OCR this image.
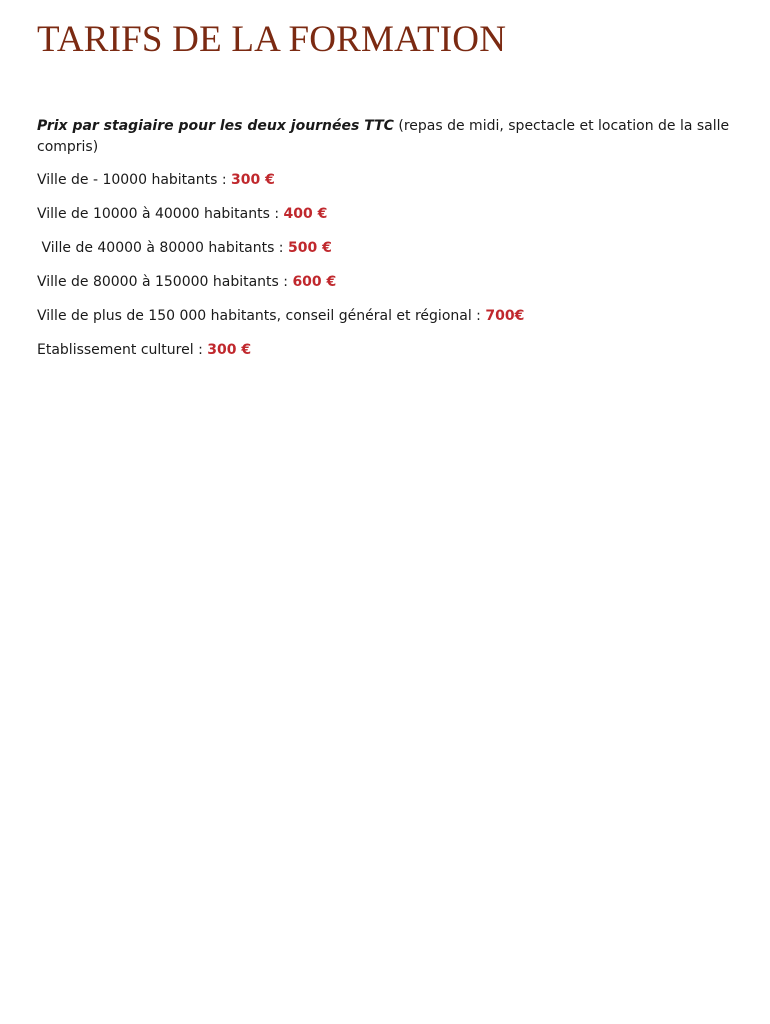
TARIFS DE LA FORMATION

Prix par stagiaire pour les deux journées TTC (repas de midi, spectacle et location de la salle compris)

Ville de - 10000 habitants : 300 €
Ville de 10000 à 40000 habitants : 400 €
Ville de 40000 à 80000 habitants : 500 €
Ville de 80000 à 150000 habitants : 600 €
Ville de plus de 150 000 habitants, conseil général et régional : 700€
Etablissement culturel : 300 €
